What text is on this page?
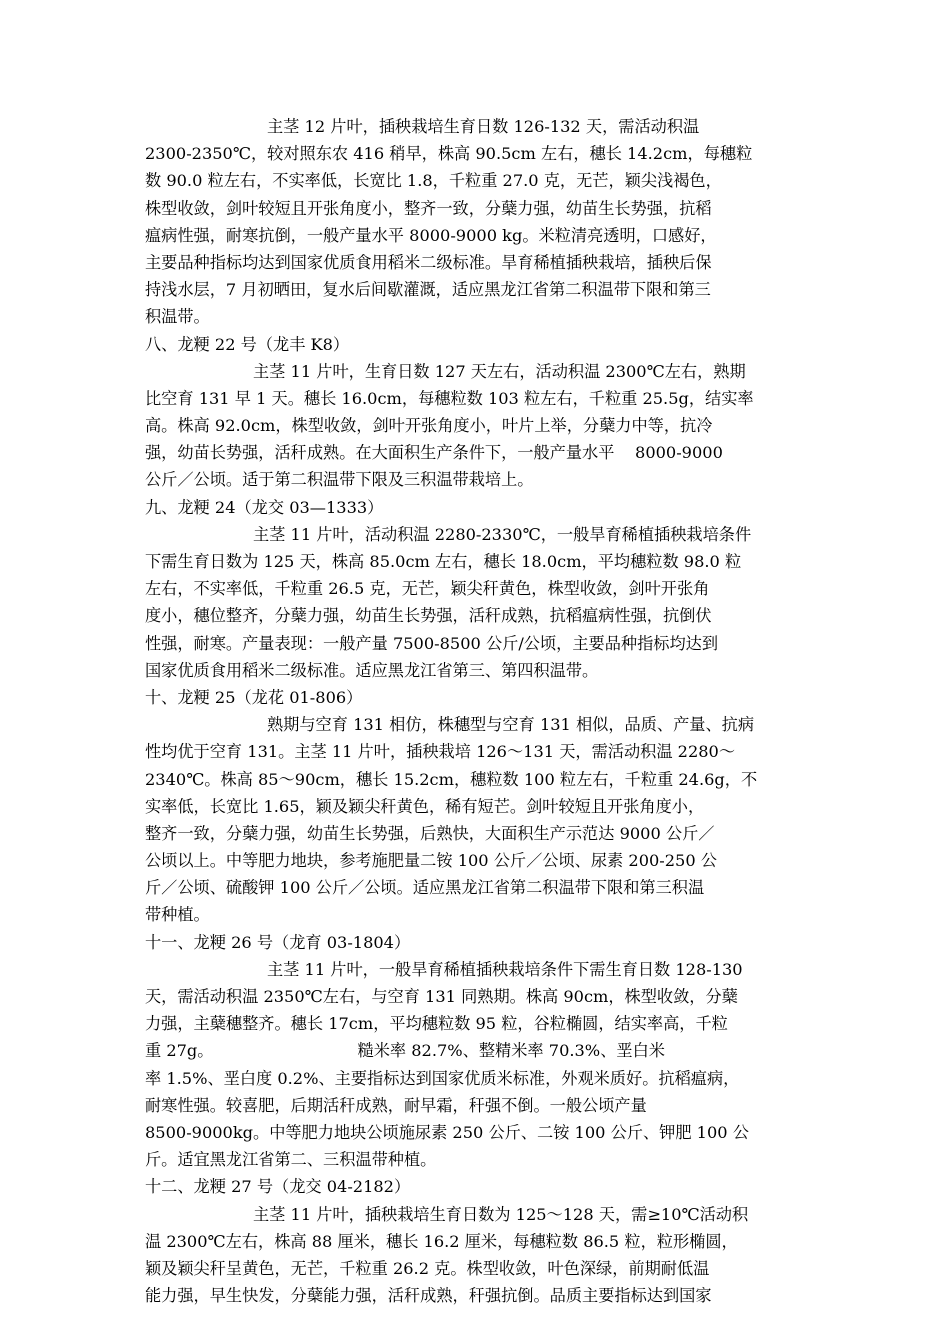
主茎 12 片叶，插秧栽培生育日数 126-132 天，需活动积温
2300-2350℃，较对照东农 416 稍早，株高 90.5cm 左右，穗长 14.2cm，每穗粒
数 90.0 粒左右，不实率低，长宽比 1.8，千粒重 27.0 克，无芒，颖尖浅褐色，
株型收敛，剑叶较短且开张角度小，整齐一致，分蘖力强，幼苗生长势强，抗稻
瘟病性强，耐寒抗倒，一般产量水平 8000-9000 kg。米粒清亮透明，口感好，
主要品种指标均达到国家优质食用稻米二级标准。旱育稀植插秧栽培，插秧后保
持浅水层，7 月初晒田，复水后间歇灌溉，适应黑龙江省第二积温带下限和第三
积温带。
八、龙粳 22 号（龙丰 K8）
主茎 11 片叶，生育日数 127 天左右，活动积温 2300℃左右，熟期
比空育 131 早 1 天。穗长 16.0cm，每穗粒数 103 粒左右，千粒重 25.5g，结实率
高。株高 92.0cm，株型收敛，剑叶开张角度小，叶片上举，分蘖力中等，抗冷
强，幼苗长势强，活秆成熟。在大面积生产条件下，一般产量水平    8000-9000
公斤／公顷。适于第二积温带下限及三积温带栽培上。
九、龙粳 24（龙交 03—1333）
主茎 11 片叶，活动积温 2280-2330℃，一般旱育稀植插秧栽培条件
下需生育日数为 125 天，株高 85.0cm 左右，穗长 18.0cm，平均穗粒数 98.0 粒
左右，不实率低，千粒重 26.5 克，无芒，颖尖秆黄色，株型收敛，剑叶开张角
度小，穗位整齐，分蘖力强，幼苗生长势强，活秆成熟，抗稻瘟病性强，抗倒伏
性强，耐寒。产量表现：一般产量 7500-8500 公斤/公顷，主要品种指标均达到
国家优质食用稻米二级标准。适应黑龙江省第三、第四积温带。
十、龙粳 25（龙花 01-806）
熟期与空育 131 相仿，株穗型与空育 131 相似，品质、产量、抗病
性均优于空育 131。主茎 11 片叶，插秧栽培 126～131 天，需活动积温 2280～
2340℃。株高 85～90cm，穗长 15.2cm，穗粒数 100 粒左右，千粒重 24.6g，不
实率低，长宽比 1.65，颖及颖尖秆黄色，稀有短芒。剑叶较短且开张角度小，
整齐一致，分蘖力强，幼苗生长势强，后熟快，大面积生产示范达 9000 公斤／
公顷以上。中等肥力地块，参考施肥量二铵 100 公斤／公顷、尿素 200-250 公
斤／公顷、硫酸钾 100 公斤／公顷。适应黑龙江省第二积温带下限和第三积温
带种植。
十一、龙粳 26 号（龙育 03-1804）
主茎 11 片叶，一般旱育稀植插秧栽培条件下需生育日数 128-130
天，需活动积温 2350℃左右，与空育 131 同熟期。株高 90cm，株型收敛，分蘖
力强，主蘖穗整齐。穗长 17cm，平均穗粒数 95 粒，谷粒椭圆，结实率高，千粒
重 27g。                            糙米率 82.7%、整精米率 70.3%、垩白米
率 1.5%、垩白度 0.2%、主要指标达到国家优质米标准，外观米质好。抗稻瘟病，
耐寒性强。较喜肥，后期活秆成熟，耐早霜，秆强不倒。一般公顷产量
8500-9000kg。中等肥力地块公顷施尿素 250 公斤、二铵 100 公斤、钾肥 100 公
斤。适宜黑龙江省第二、三积温带种植。
十二、龙粳 27 号（龙交 04-2182）
主茎 11 片叶，插秧栽培生育日数为 125～128 天，需≥10℃活动积
温 2300℃左右，株高 88 厘米，穗长 16.2 厘米，每穗粒数 86.5 粒，粒形椭圆，
颖及颖尖秆呈黄色，无芒，千粒重 26.2 克。株型收敛，叶色深绿，前期耐低温
能力强，早生快发，分蘖能力强，活秆成熟，秆强抗倒。品质主要指标达到国家
